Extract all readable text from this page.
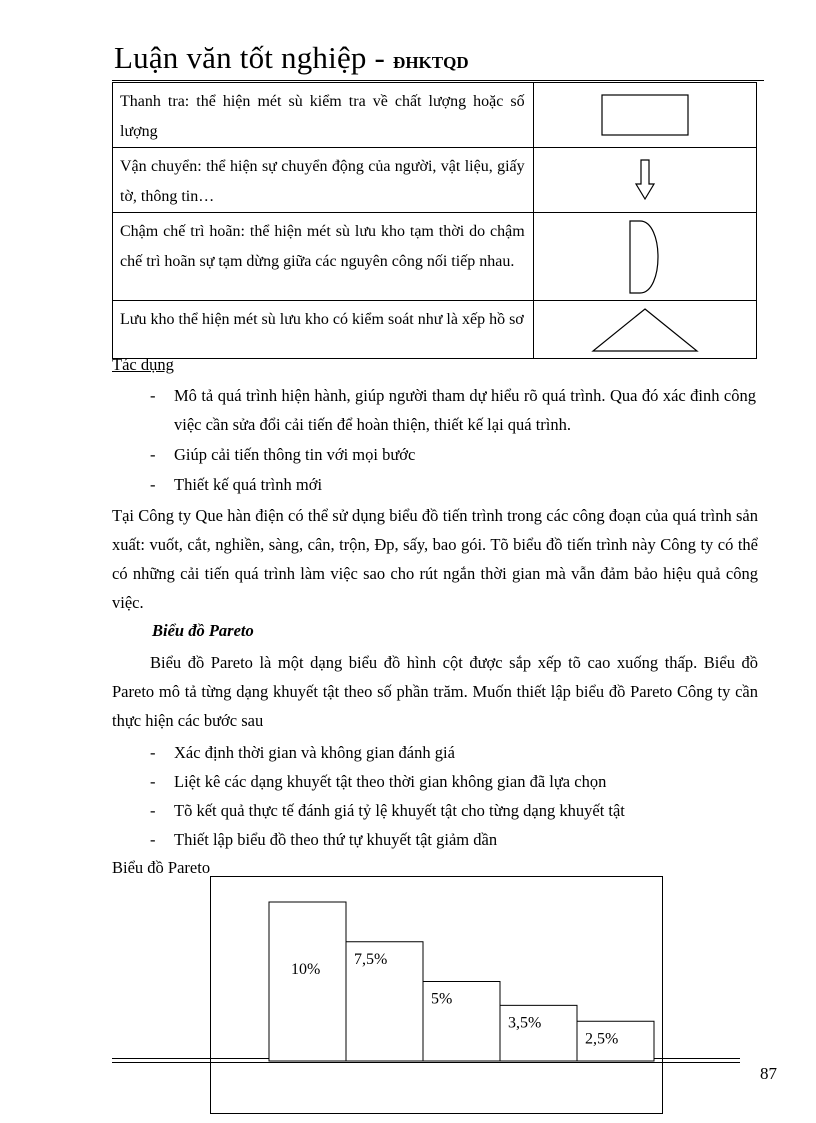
Luận văn tốt nghiệp - ĐHKTQD
Thanh tra: thể hiện mét sù kiểm tra về chất lượng hoặc số lượng	

Vận chuyển: thể hiện sự chuyển động của người, vật liệu, giấy tờ, thông tin…	

Chậm chế trì hoãn: thể hiện mét sù lưu kho tạm thời do chậm chế trì hoãn sự tạm dừng giữa các nguyên công nối tiếp nhau.	

Lưu kho thể hiện mét sù lưu kho có kiểm soát như là xếp hồ sơ	
Tác dụng
- Mô tả quá trình hiện hành, giúp người tham dự hiểu rõ quá trình. Qua đó xác đinh công việc cần sửa đổi cải tiến để hoàn thiện, thiết kế lại quá trình.
- Giúp cải tiến thông tin với mọi bước
- Thiết kế quá trình mới
Tại Công ty Que hàn điện có thể sử dụng biểu đồ tiến trình trong các công đoạn của quá trình sản xuất: vuốt, cắt, nghiền, sàng, cân, trộn, Đp, sấy, bao gói. Tõ biểu đồ tiến trình này Công ty có thể có những cải tiến quá trình làm việc sao cho rút ngắn thời gian mà vẫn đảm bảo hiệu quả công việc.
Biểu đồ Pareto
Biểu đồ Pareto là một dạng biểu đồ hình cột được sắp xếp tõ cao xuống thấp. Biểu đồ Pareto mô tả từng dạng khuyết tật theo số phần trăm. Muốn thiết lập biểu đồ Pareto Công ty cần thực hiện các bước sau
- Xác định thời gian và không gian đánh giá
- Liệt kê các dạng khuyết tật theo thời gian không gian đã lựa chọn
- Tõ kết quả thực tế đánh giá tỷ lệ khuyết tật cho từng dạng khuyết tật
- Thiết lập biểu đồ theo thứ tự khuyết tật giảm dần
Biểu đồ Pareto
10%
7,5%
5%
3,5%
2,5%
87
